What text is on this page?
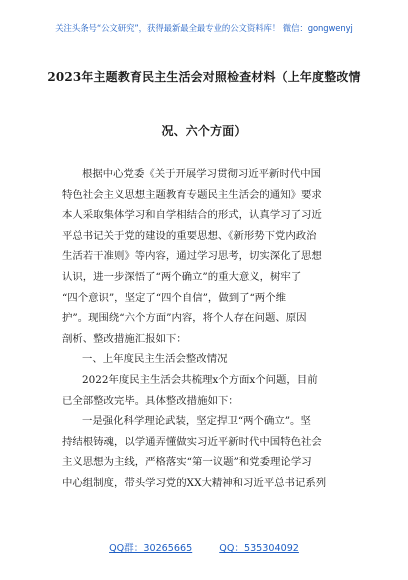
关注头条号“公文研究”，获得最新最全最专业的公文资料库！ 微信：gongwenyj
2023年主题教育民主生活会对照检查材料（上年度整改情
况、六个方面）
根据中心党委《关于开展学习贯彻习近平新时代中国
特色社会主义思想主题教育专题民主生活会的通知》要求
本人采取集体学习和自学相结合的形式，认真学习了习近
平总书记关于党的建设的重要思想、《新形势下党内政治
生活若干准则》等内容，通过学习思考，切实深化了思想
认识，进一步深悟了“两个确立”的重大意义，树牢了
“四个意识”，坚定了“四个自信”，做到了“两个维
护”。现围绕“六个方面”内容，将个人存在问题、原因
剖析、整改措施汇报如下：
一、上年度民主生活会整改情况
2022年度民主生活会共梳理x个方面x个问题，目前
已全部整改完毕。具体整改措施如下：
一是强化科学理论武装，坚定捍卫“两个确立”。坚
持结根铸魂，以学通弄懂做实习近平新时代中国特色社会
主义思想为主线，严格落实“第一议题”和党委理论学习
中心组制度，带头学习党的XX大精神和习近平总书记系列
QQ群：30265665	QQ：535304092
